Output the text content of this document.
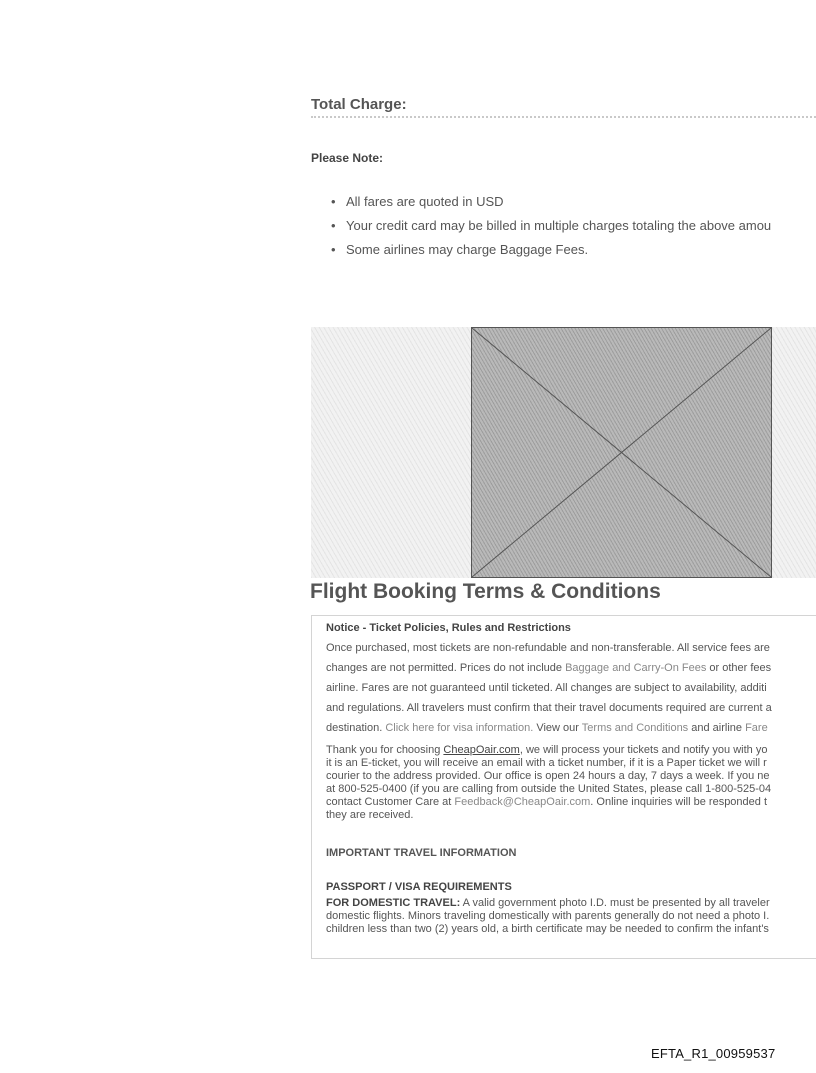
Total Charge:
Please Note:
• All fares are quoted in USD
• Your credit card may be billed in multiple charges totaling the above amou
• Some airlines may charge Baggage Fees.
Flight Booking Terms & Conditions
Notice - Ticket Policies, Rules and Restrictions
Once purchased, most tickets are non-refundable and non-transferable. All service fees are
changes are not permitted. Prices do not include Baggage and Carry-On Fees or other fees
airline. Fares are not guaranteed until ticketed. All changes are subject to availability, additi
and regulations. All travelers must confirm that their travel documents required are current a
destination. Click here for visa information. View our Terms and Conditions and airline Fare
Thank you for choosing CheapOair.com, we will process your tickets and notify you with yo
it is an E-ticket, you will receive an email with a ticket number, if it is a Paper ticket we will r
courier to the address provided. Our office is open 24 hours a day, 7 days a week. If you ne
at 800-525-0400 (if you are calling from outside the United States, please call 1-800-525-04
contact Customer Care at Feedback@CheapOair.com. Online inquiries will be responded t
they are received.
IMPORTANT TRAVEL INFORMATION
PASSPORT / VISA REQUIREMENTS
FOR DOMESTIC TRAVEL: A valid government photo I.D. must be presented by all traveler
domestic flights. Minors traveling domestically with parents generally do not need a photo I.
children less than two (2) years old, a birth certificate may be needed to confirm the infant's
EFTA_R1_00959537
